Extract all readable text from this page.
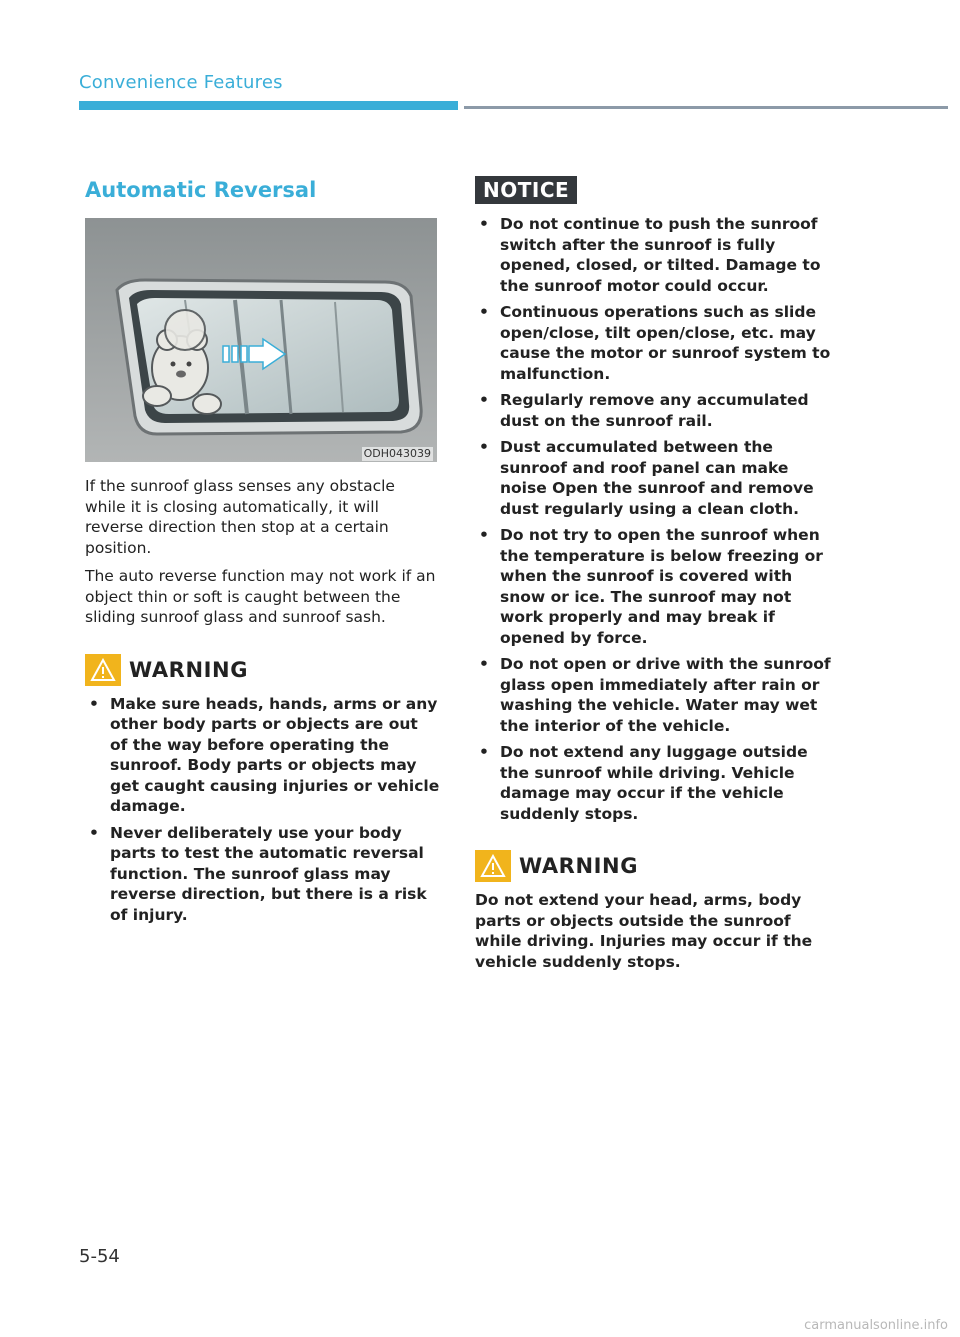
Convenience Features
Automatic Reversal
ODH043039

If the sunroof glass senses any obstacle while it is closing automatically, it will reverse direction then stop at a certain position.

The auto reverse function may not work if an object thin or soft is caught between the sliding sunroof glass and sunroof sash.

WARNING
• Make sure heads, hands, arms or any other body parts or objects are out of the way before operating the sunroof. Body parts or objects may get caught causing injuries or vehicle damage.
• Never deliberately use your body parts to test the automatic reversal function. The sunroof glass may reverse direction, but there is a risk of injury.
NOTICE
• Do not continue to push the sunroof switch after the sunroof is fully opened, closed, or tilted. Damage to the sunroof motor could occur.
• Continuous operations such as slide open/close, tilt open/close, etc. may cause the motor or sunroof system to malfunction.
• Regularly remove any accumulated dust on the sunroof rail.
• Dust accumulated between the sunroof and roof panel can make noise Open the sunroof and remove dust regularly using a clean cloth.
• Do not try to open the sunroof when the temperature is below freezing or when the sunroof is covered with snow or ice. The sunroof may not work properly and may break if opened by force.
• Do not open or drive with the sunroof glass open immediately after rain or washing the vehicle. Water may wet the interior of the vehicle.
• Do not extend any luggage outside the sunroof while driving. Vehicle damage may occur if the vehicle suddenly stops.
WARNING

Do not extend your head, arms, body parts or objects outside the sunroof while driving. Injuries may occur if the vehicle suddenly stops.

5-54
carmanualsonline.info
